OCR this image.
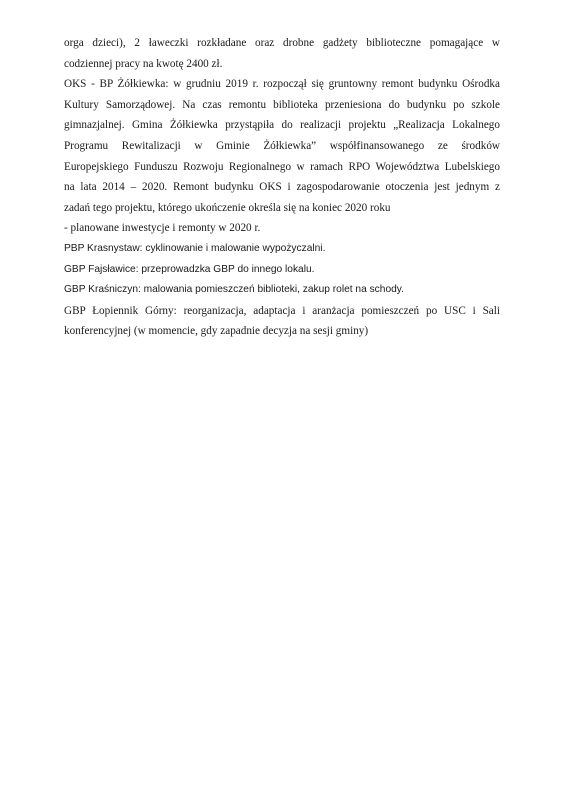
orga dzieci), 2 ławeczki rozkładane oraz drobne gadżety biblioteczne pomagające w
codziennej pracy na kwotę 2400 zł.
OKS - BP Żółkiewka: w grudniu 2019 r. rozpoczął się gruntowny remont budynku Ośrodka
Kultury Samorządowej. Na czas remontu biblioteka przeniesiona do budynku po szkole
gimnazjalnej. Gmina Żółkiewka przystąpiła do realizacji projektu „Realizacja Lokalnego
Programu Rewitalizacji w Gminie Żółkiewka” współfinansowanego ze środków
Europejskiego Funduszu Rozwoju Regionalnego w ramach RPO Województwa Lubelskiego
na lata 2014 – 2020. Remont budynku OKS i zagospodarowanie otoczenia jest jednym z
zadań tego projektu, którego ukończenie określa się na koniec 2020 roku
- planowane inwestycje i remonty w 2020 r.
PBP Krasnystaw: cyklinowanie i malowanie wypożyczalni.
GBP Fajsławice: przeprowadzka GBP do innego lokalu.
GBP Kraśniczyn: malowania pomieszczeń biblioteki, zakup rolet na schody.
GBP Łopiennik Górny: reorganizacja, adaptacja i aranżacja pomieszczeń po USC i Sali
konferencyjnej (w momencie, gdy zapadnie decyzja na sesji gminy)
